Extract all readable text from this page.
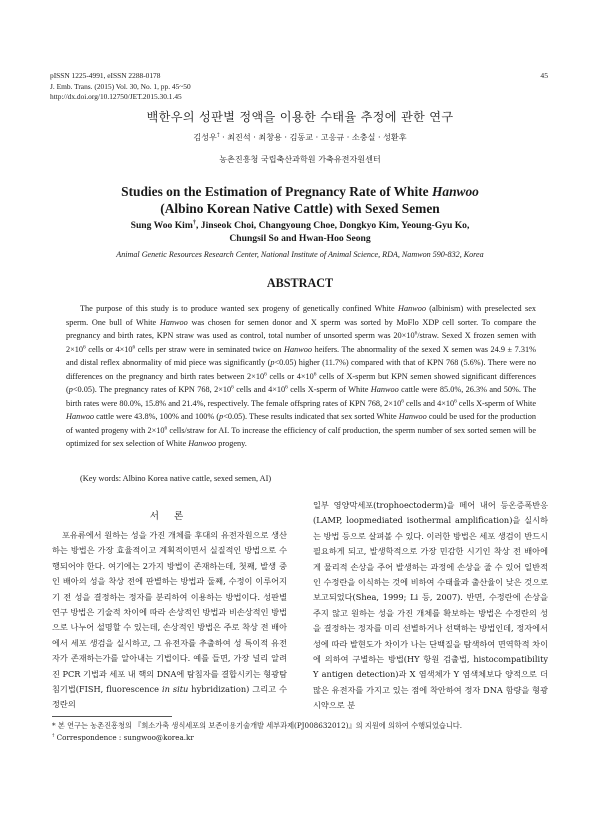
pISSN 1225-4991, eISSN 2288-0178
J. Emb. Trans. (2015) Vol. 30, No. 1, pp. 45~50
http://dx.doi.org/10.12750/JET.2015.30.1.45
45
백한우의 성판별 정액을 이용한 수태율 추정에 관한 연구
김성우† · 최진석 · 최창용 · 김동교 · 고응규 · 소충실 · 성환후
농촌진흥청 국립축산과학원 가축유전자원센터
Studies on the Estimation of Pregnancy Rate of White Hanwoo
(Albino Korean Native Cattle) with Sexed Semen
Sung Woo Kim†, Jinseok Choi, Changyoung Choe, Dongkyo Kim, Yeoung-Gyu Ko,
Chungsil So and Hwan-Hoo Seong
Animal Genetic Resources Research Center, National Institute of Animal Science, RDA, Namwon 590-832, Korea
ABSTRACT

The purpose of this study is to produce wanted sex progeny of genetically confined White Hanwoo (albinism) with preselected sex sperm. One bull of White Hanwoo was chosen for semen donor and X sperm was sorted by MoFlo XDP cell sorter. To compare the pregnancy and birth rates, KPN straw was used as control, total number of unsorted sperm was $20\times 10^6$/straw. Sexed X frozen semen with $2\times 10^6$ cells or $4\times 10^6$ cells per straw were in seminated twice on Hanwoo heifers. The abnormality of the sexed X semen was 24.9 ± 7.31% and distal reflex abnormality of mid piece was significantly (p<0.05) higher (11.7%) compared with that of KPN 768 (5.6%). There were no differences on the pregnancy and birth rates between $2\times 10^6$ cells or $4\times 10^6$ cells of X-sperm but KPN semen showed significant differences (p<0.05). The pregnancy rates of KPN 768, $2\times 10^6$ cells and $4\times 10^6$ cells X-sperm of White Hanwoo cattle were 85.0%, 26.3% and 50%. The birth rates were 80.0%, 15.8% and 21.4%, respectively. The female offspring rates of KPN 768, $2\times 10^6$ cells and $4\times 10^6$ cells X-sperm of White Hanwoo cattle were 43.8%, 100% and 100% (p<0.05). These results indicated that sex sorted White Hanwoo could be used for the production of wanted progeny with $2\times 10^6$ cells/straw for AI. To increase the efficiency of calf production, the sperm number of sex sorted semen will be optimized for sex selection of White Hanwoo progeny.

(Key words: Albino Korea native cattle, sexed semen, AI)

서 론

포유류에서 원하는 성을 가진 개체를 후대의 유전자원으로 생산하는 방법은 가장 효율적이고 계획적이면서 실질적인 방법으로 수행되어야 한다. 여기에는 2가지 방법이 존재하는데, 첫째, 발생 중인 배아의 성을 착상 전에 판별하는 방법과 둘째, 수정이 이루어지기 전 성을 결정하는 정자를 분리하여 이용하는 방법이다. 성판별 연구 방법은 기술적 차이에 따라 손상적인 방법과 비손상적인 방법으로 나누어 설명할 수 있는데, 손상적인 방법은 주로 착상 전 배아에서 세포 생검을 실시하고, 그 유전자를 추출하여 성 특이적 유전자가 존재하는가를 알아내는 기법이다. 예를 들면, 가장 널리 알려진 PCR 기법과 세포 내 핵의 DNA에 탐침자를 결합시키는 형광탐침기법(FISH, fluorescence in situ hybridization) 그리고 수정란의

일부 영양막세포(trophoectoderm)을 떼어 내어 등온증폭반응(LAMP, loopmediated isothermal amplification)을 실시하는 방법 등으로 살펴볼 수 있다. 이러한 방법은 세포 생검이 반드시 필요하게 되고, 발생학적으로 가장 민감한 시기인 착상 전 배아에게 물리적 손상을 주어 발생하는 과정에 손상을 줄 수 있어 일반적인 수정란을 이식하는 것에 비하여 수태율과 출산율이 낮은 것으로 보고되었다(Shea, 1999; Li 등, 2007). 반면, 수정란에 손상을 주지 않고 원하는 성을 가진 개체를 확보하는 방법은 수정란의 성을 결정하는 정자를 미리 선별하거나 선택하는 방법인데, 정자에서 성에 따라 발현도가 차이가 나는 단백질을 탐색하여 면역학적 차이에 의하여 구별하는 방법(HY 항원 검출법, histocompatibility Y antigen detection)과 X 염색체가 Y 염색체보다 양적으로 더 많은 유전자를 가지고 있는 점에 착안하여 정자 DNA 함량을 형광시약으로 분

* 본 연구는 농촌진흥청의 『희소가축 생식세포의 보존이용기술개발 세부과제(PJ008632012)』의 지원에 의하여 수행되었습니다.
† Correspondence : sungwoo@korea.kr
